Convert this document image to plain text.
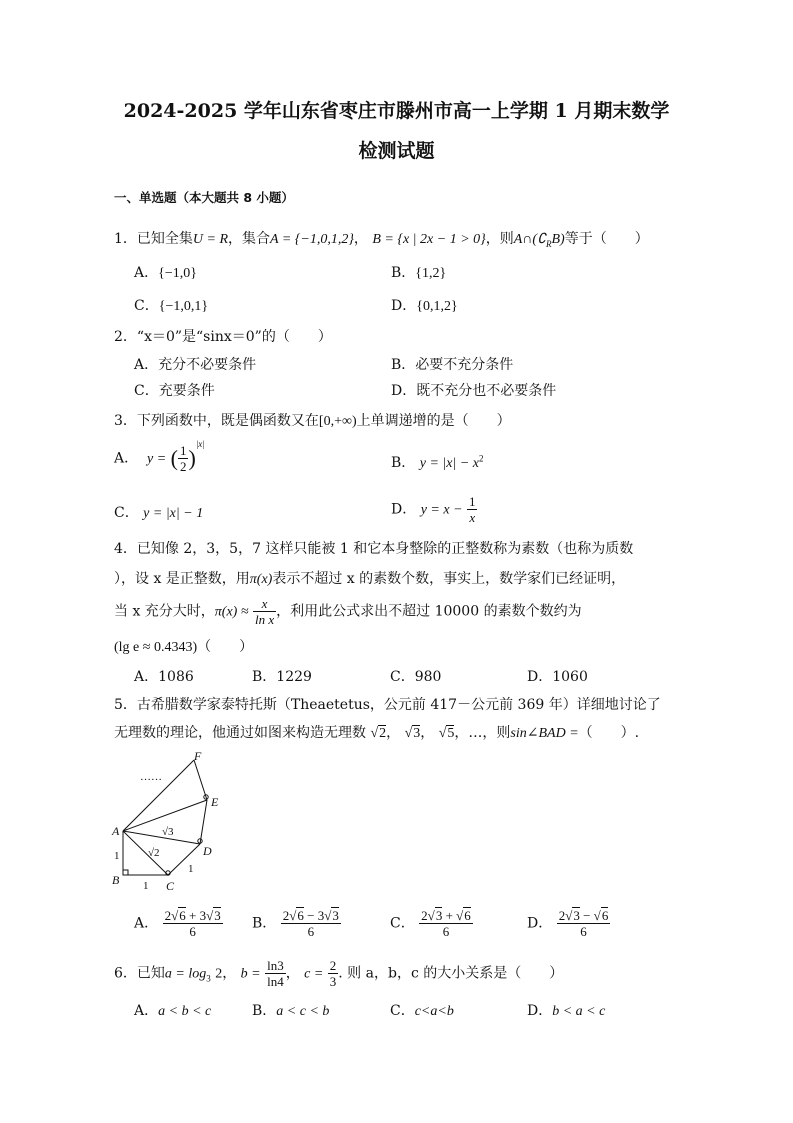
2024-2025 学年山东省枣庄市滕州市高一上学期 1 月期末数学
检测试题
一、单选题（本大题共 8 小题）
1．已知全集U = R，集合A = {−1,0,1,2}， B = {x | 2x − 1 > 0}，则$A\cap(∁_RB)$等于（　　）
A．{−1,0}	B．{1,2}
C．{−1,0,1}	D．{0,1,2}
2．“x＝0”是“sinx＝0”的（　　）
A．充分不必要条件	B．必要不充分条件
C．充要条件	D．既不充分也不必要条件
3．下列函数中，既是偶函数又在[0,+∞)上单调递增的是（　　）
A． y = ( $\frac{1}{2} )^{|x|}$
B． $y = |x| - x^2$
C． y = |x| − 1	D． $y = x - \frac{1}{x}$
4．已知像 2，3，5，7 这样只能被 1 和它本身整除的正整数称为素数（也称为质数
），设 x 是正整数，用π(x)表示不超过 x 的素数个数，事实上，数学家们已经证明，
当 x 充分大时，$\pi(x) \approx \frac{x}{\text{ln x}}$ ，利用此公式求出不超过 10000 的素数个数约为
(lg e ≈ 0.4343)（　　）
A．1086	B．1229	C．980	D．1060
5．古希腊数学家泰特托斯（Theaetetus，公元前 417－公元前 369 年）详细地讨论了
无理数的理论，他通过如图来构造无理数 √2， √3， √5，…，则sin∠BAD =（　　）.
A
B	C
D
E
F
1
1
1
√2
√3
……
A． $\frac{2√6 + 3√3}{6}$ B． $\frac{2√6 - 3√3}{6}$	C． $\frac{2√3 + √6}{6}$	D． $\frac{2√3 - √6}{6}$
6．已知$a = \log_3 2$， $b = \frac{\ln 3}{\ln 4}$ ， $c = \frac{2}{3}$ . 则 a，b，c 的大小关系是（　　）
A．a < b < c	B．a < c < b	C．c<a<b	D．b < a < c
